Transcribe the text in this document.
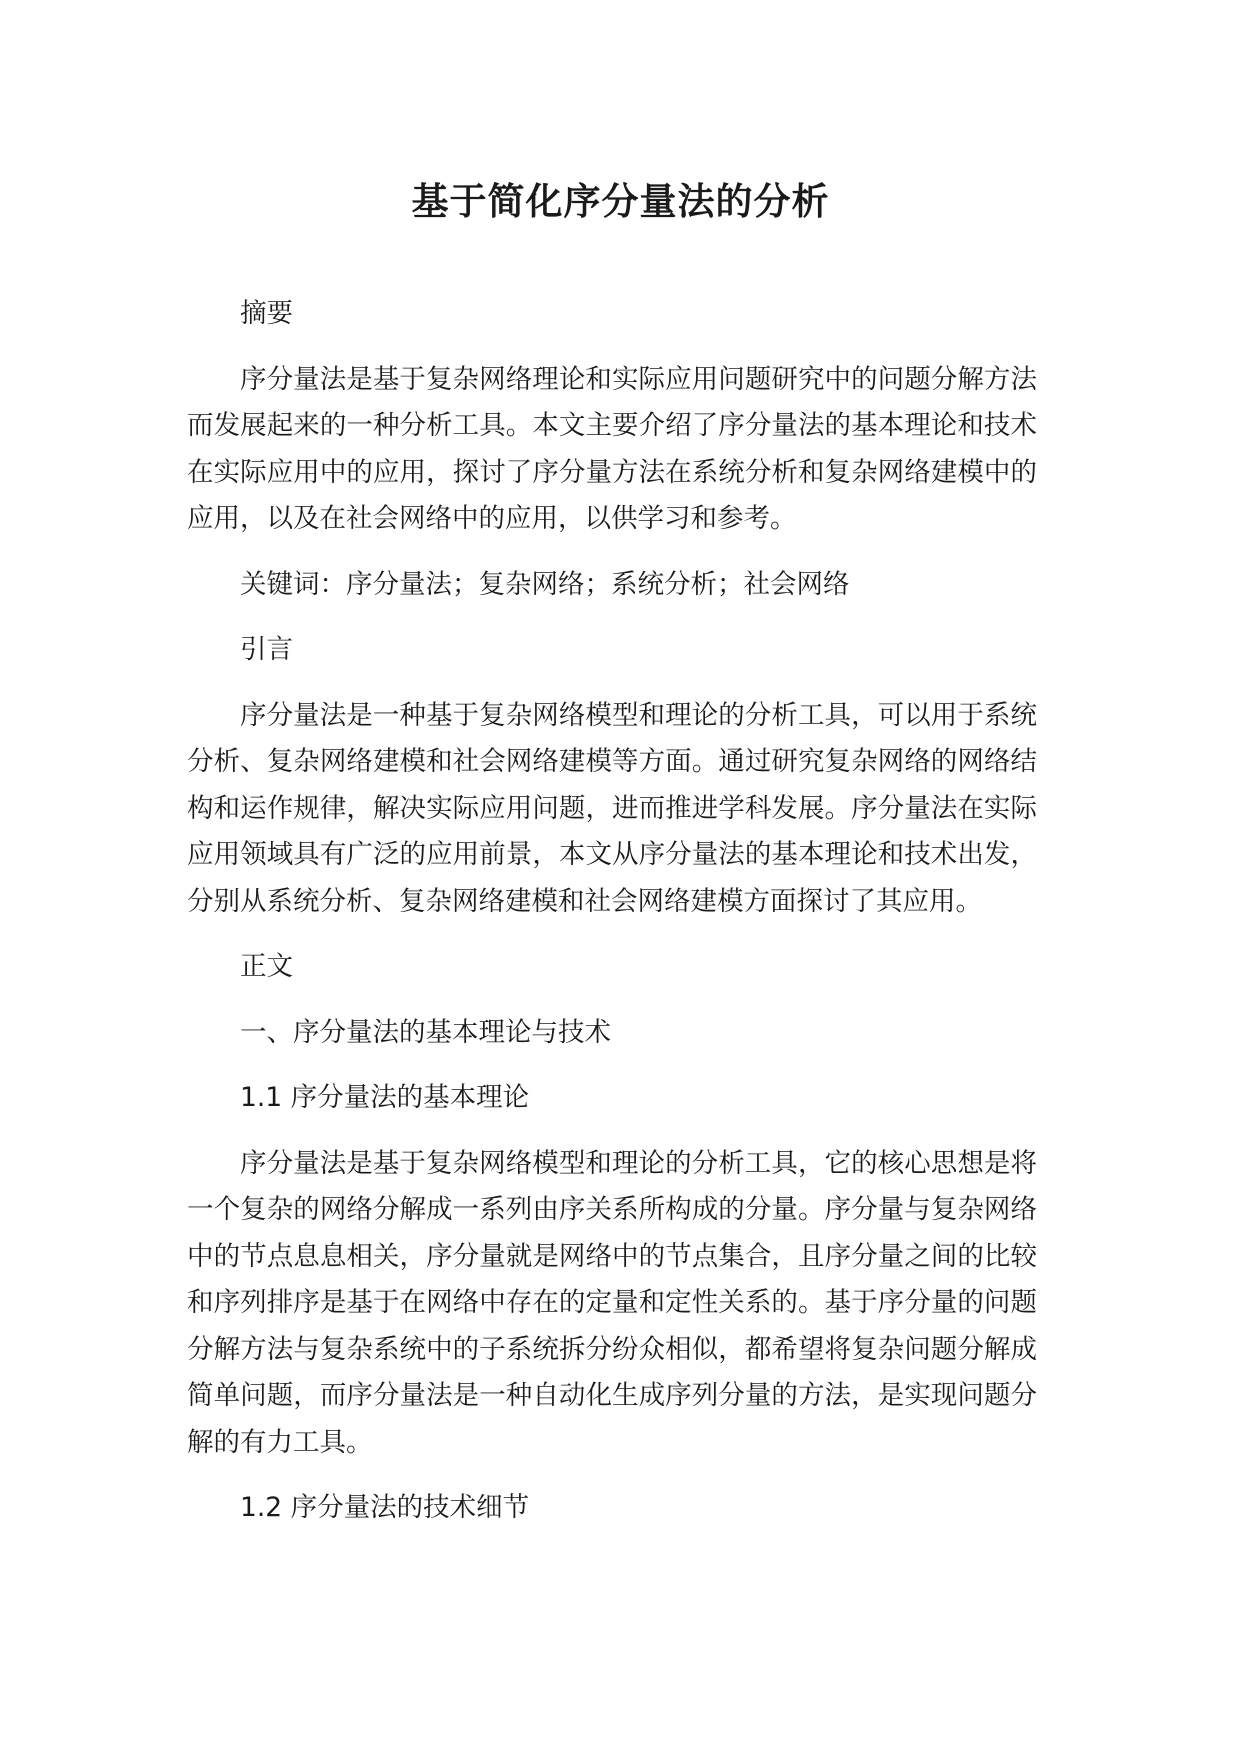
基于简化序分量法的分析

摘要

序分量法是基于复杂网络理论和实际应用问题研究中的问题分解方法而发展起来的一种分析工具。本文主要介绍了序分量法的基本理论和技术在实际应用中的应用，探讨了序分量方法在系统分析和复杂网络建模中的应用，以及在社会网络中的应用，以供学习和参考。

关键词：序分量法；复杂网络；系统分析；社会网络

引言

序分量法是一种基于复杂网络模型和理论的分析工具，可以用于系统分析、复杂网络建模和社会网络建模等方面。通过研究复杂网络的网络结构和运作规律，解决实际应用问题，进而推进学科发展。序分量法在实际应用领域具有广泛的应用前景，本文从序分量法的基本理论和技术出发，分别从系统分析、复杂网络建模和社会网络建模方面探讨了其应用。

正文

一、序分量法的基本理论与技术

1.1 序分量法的基本理论

序分量法是基于复杂网络模型和理论的分析工具，它的核心思想是将一个复杂的网络分解成一系列由序关系所构成的分量。序分量与复杂网络中的节点息息相关，序分量就是网络中的节点集合，且序分量之间的比较和序列排序是基于在网络中存在的定量和定性关系的。基于序分量的问题分解方法与复杂系统中的子系统拆分纷众相似，都希望将复杂问题分解成简单问题，而序分量法是一种自动化生成序列分量的方法，是实现问题分解的有力工具。

1.2 序分量法的技术细节
